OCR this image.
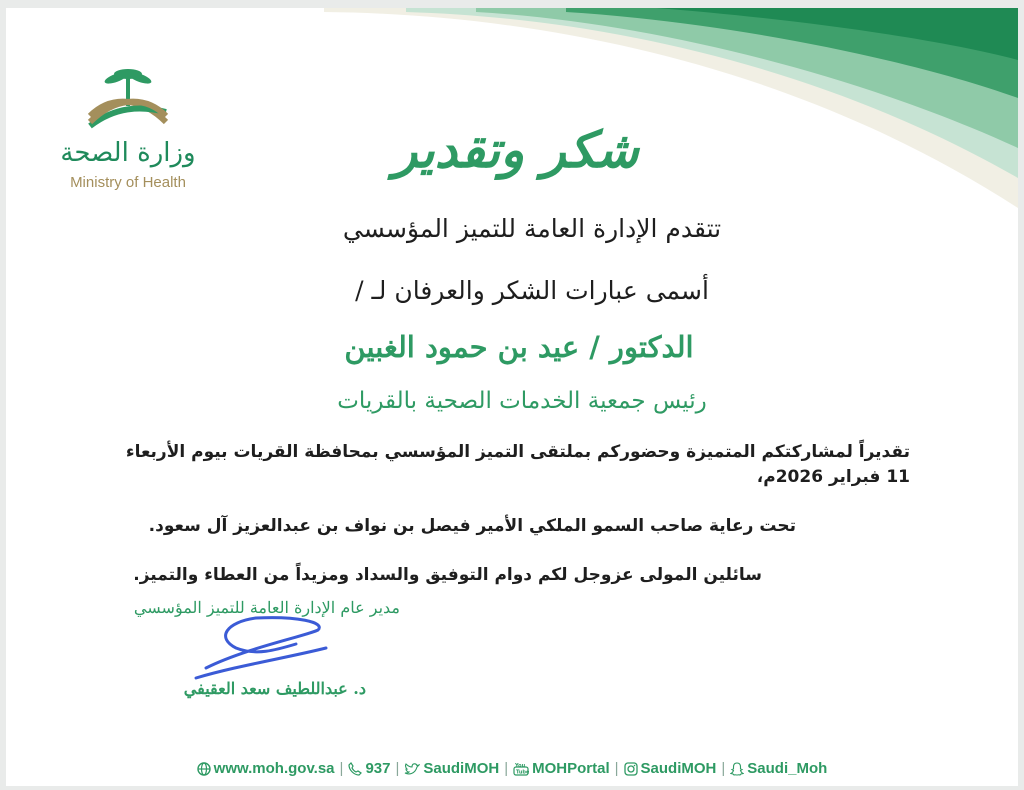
وزارة الصحة
Ministry of Health
شكر وتقدير
تتقدم الإدارة العامة للتميز المؤسسي
أسمى عبارات الشكر والعرفان لـ /
الدكتور / عيد بن حمود الغبين
رئيس جمعية الخدمات الصحية بالقريات
تقديراً لمشاركتكم المتميزة وحضوركم بملتقى التميز المؤسسي بمحافظة القريات بيوم الأربعاء 11 فبراير 2026م،
تحت رعاية صاحب السمو الملكي الأمير فيصل بن نواف بن عبدالعزيز آل سعود.
سائلين المولى عزوجل لكم دوام التوفيق والسداد ومزيداً من العطاء والتميز.
مدير عام الإدارة العامة للتميز المؤسسي
د. عبداللطيف سعد العقيفي
www.moh.gov.sa | 937 | SaudiMOH | You
Tube MOHPortal | SaudiMOH | Saudi_Moh
